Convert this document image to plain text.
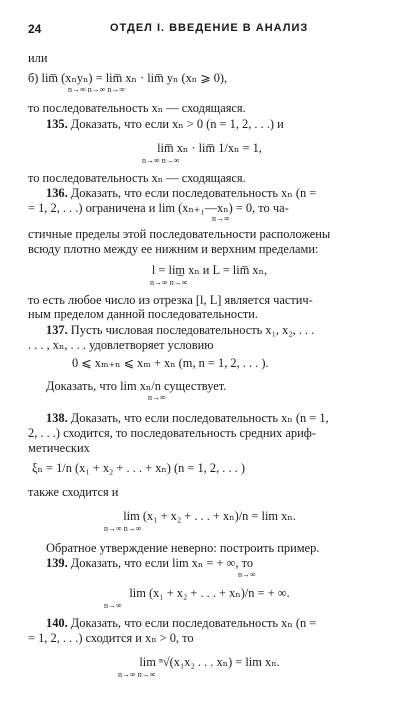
24	ОТДЕЛ I. ВВЕДЕНИЕ В АНАЛИЗ
или
б) lim̅ (xₙyₙ) = lim̅ xₙ · lim̅ yₙ (xₙ ⩾ 0),
n→∞ n→∞ n→∞
то последовательность xₙ — сходящаяся.
135. Доказать, что если xₙ > 0 (n = 1, 2, . . .) и
lim̅ xₙ · lim̅ 1/xₙ = 1,
n→∞ n→∞
то последовательность xₙ — сходящаяся.
136. Доказать, что если последовательность xₙ (n =
= 1, 2, . . .) ограничена и lim (xₙ₊₁—xₙ) = 0, то ча-
n→∞
стичные пределы этой последовательности расположены
всюду плотно между ее нижним и верхним пределами:
l = lim̲ xₙ и L = lim̅ xₙ,
n→∞ n→∞
то есть любое число из отрезка [l, L] является частич-
ным пределом данной последовательности.
137. Пусть числовая последовательность x₁, x₂, . . .
. . . , xₙ, . . . удовлетворяет условию
0 ⩽ xₘ₊ₙ ⩽ xₘ + xₙ (m, n = 1, 2, . . . ).
Доказать, что lim xₙ/n существует.
n→∞
138. Доказать, что если последовательность xₙ (n = 1,
2, . . .) сходится, то последовательность средних ариф-
метических
ξₙ = 1/n (x₁ + x₂ + . . . + xₙ) (n = 1, 2, . . . )
также сходится и
lim (x₁ + x₂ + . . . + xₙ)/n = lim xₙ.
n→∞ n→∞
Обратное утверждение неверно: построить пример.
139. Доказать, что если lim xₙ = + ∞, то
n→∞
lim (x₁ + x₂ + . . . + xₙ)/n = + ∞.
n→∞
140. Доказать, что если последовательность xₙ (n =
= 1, 2, . . .) сходится и xₙ > 0, то
lim ⁿ√(x₁x₂ . . . xₙ) = lim xₙ.
n→∞ n→∞
